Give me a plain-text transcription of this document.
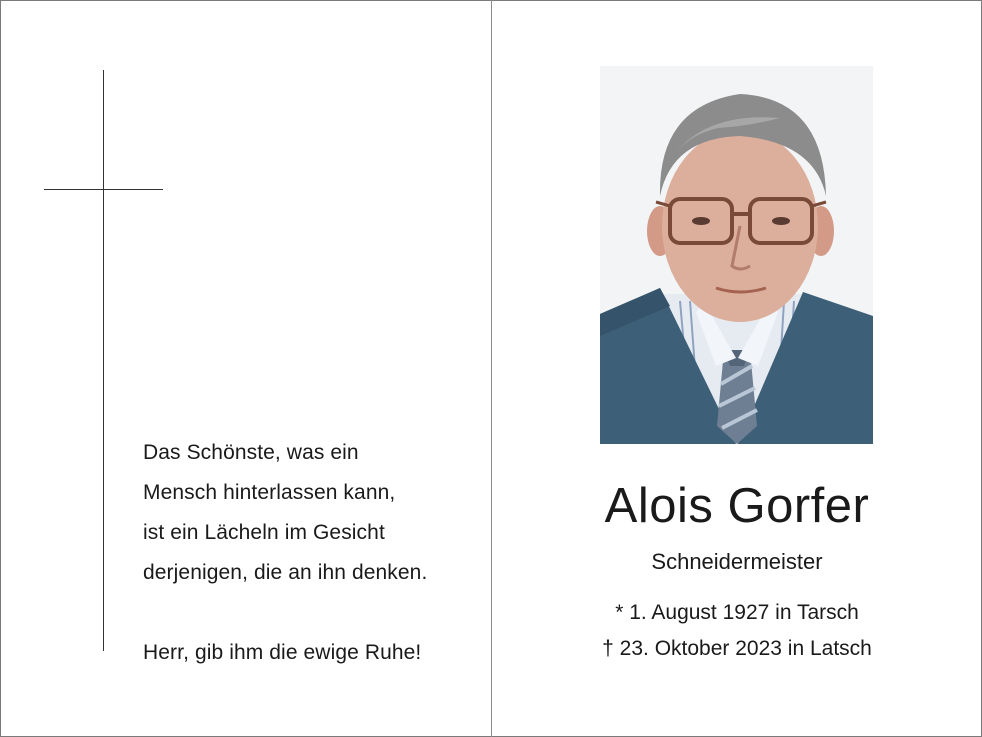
Das Schönste, was ein
Mensch hinterlassen kann,
ist ein Lächeln im Gesicht
derjenigen, die an ihn denken.
Herr, gib ihm die ewige Ruhe!
Alois Gorfer
Schneidermeister
* 1. August 1927 in Tarsch
† 23. Oktober 2023 in Latsch
